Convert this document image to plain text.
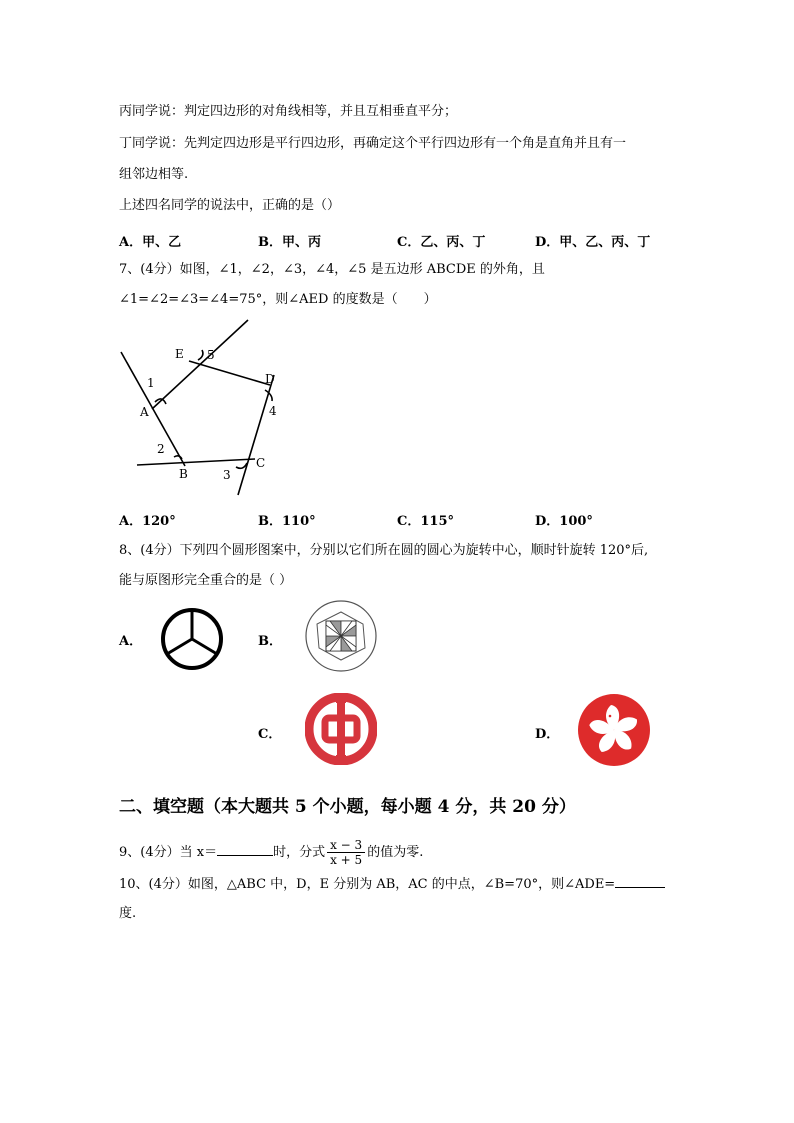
丙同学说：判定四边形的对角线相等，并且互相垂直平分；
丁同学说：先判定四边形是平行四边形，再确定这个平行四边形有一个角是直角并且有一
组邻边相等.
上述四名同学的说法中，正确的是（）
A．甲、乙	B．甲、丙	C．乙、丙、丁	D．甲、乙、丙、丁
7、(4分）如图，∠1，∠2，∠3，∠4，∠5 是五边形 ABCDE 的外角，且
∠1=∠2=∠3=∠4=75°，则∠AED 的度数是（　　）
E 5
D
1
A	4
2
B
C
3
A．120°	B．110°	C．115°	D．100°
8、(4分）下列四个圆形图案中，分别以它们所在圆的圆心为旋转中心，顺时针旋转 120°后,
能与原图形完全重合的是（ ）
A．	B．
C．	D．
二、填空题（本大题共 5 个小题，每小题 4 分，共 20 分）
9、(4分）当 x＝	时，分式 $\frac{x - 3}{x + 5}$ 的值为零.
10、(4分）如图，△ABC 中，D，E 分别为 AB，AC 的中点，∠B=70°，则∠ADE=
度.
